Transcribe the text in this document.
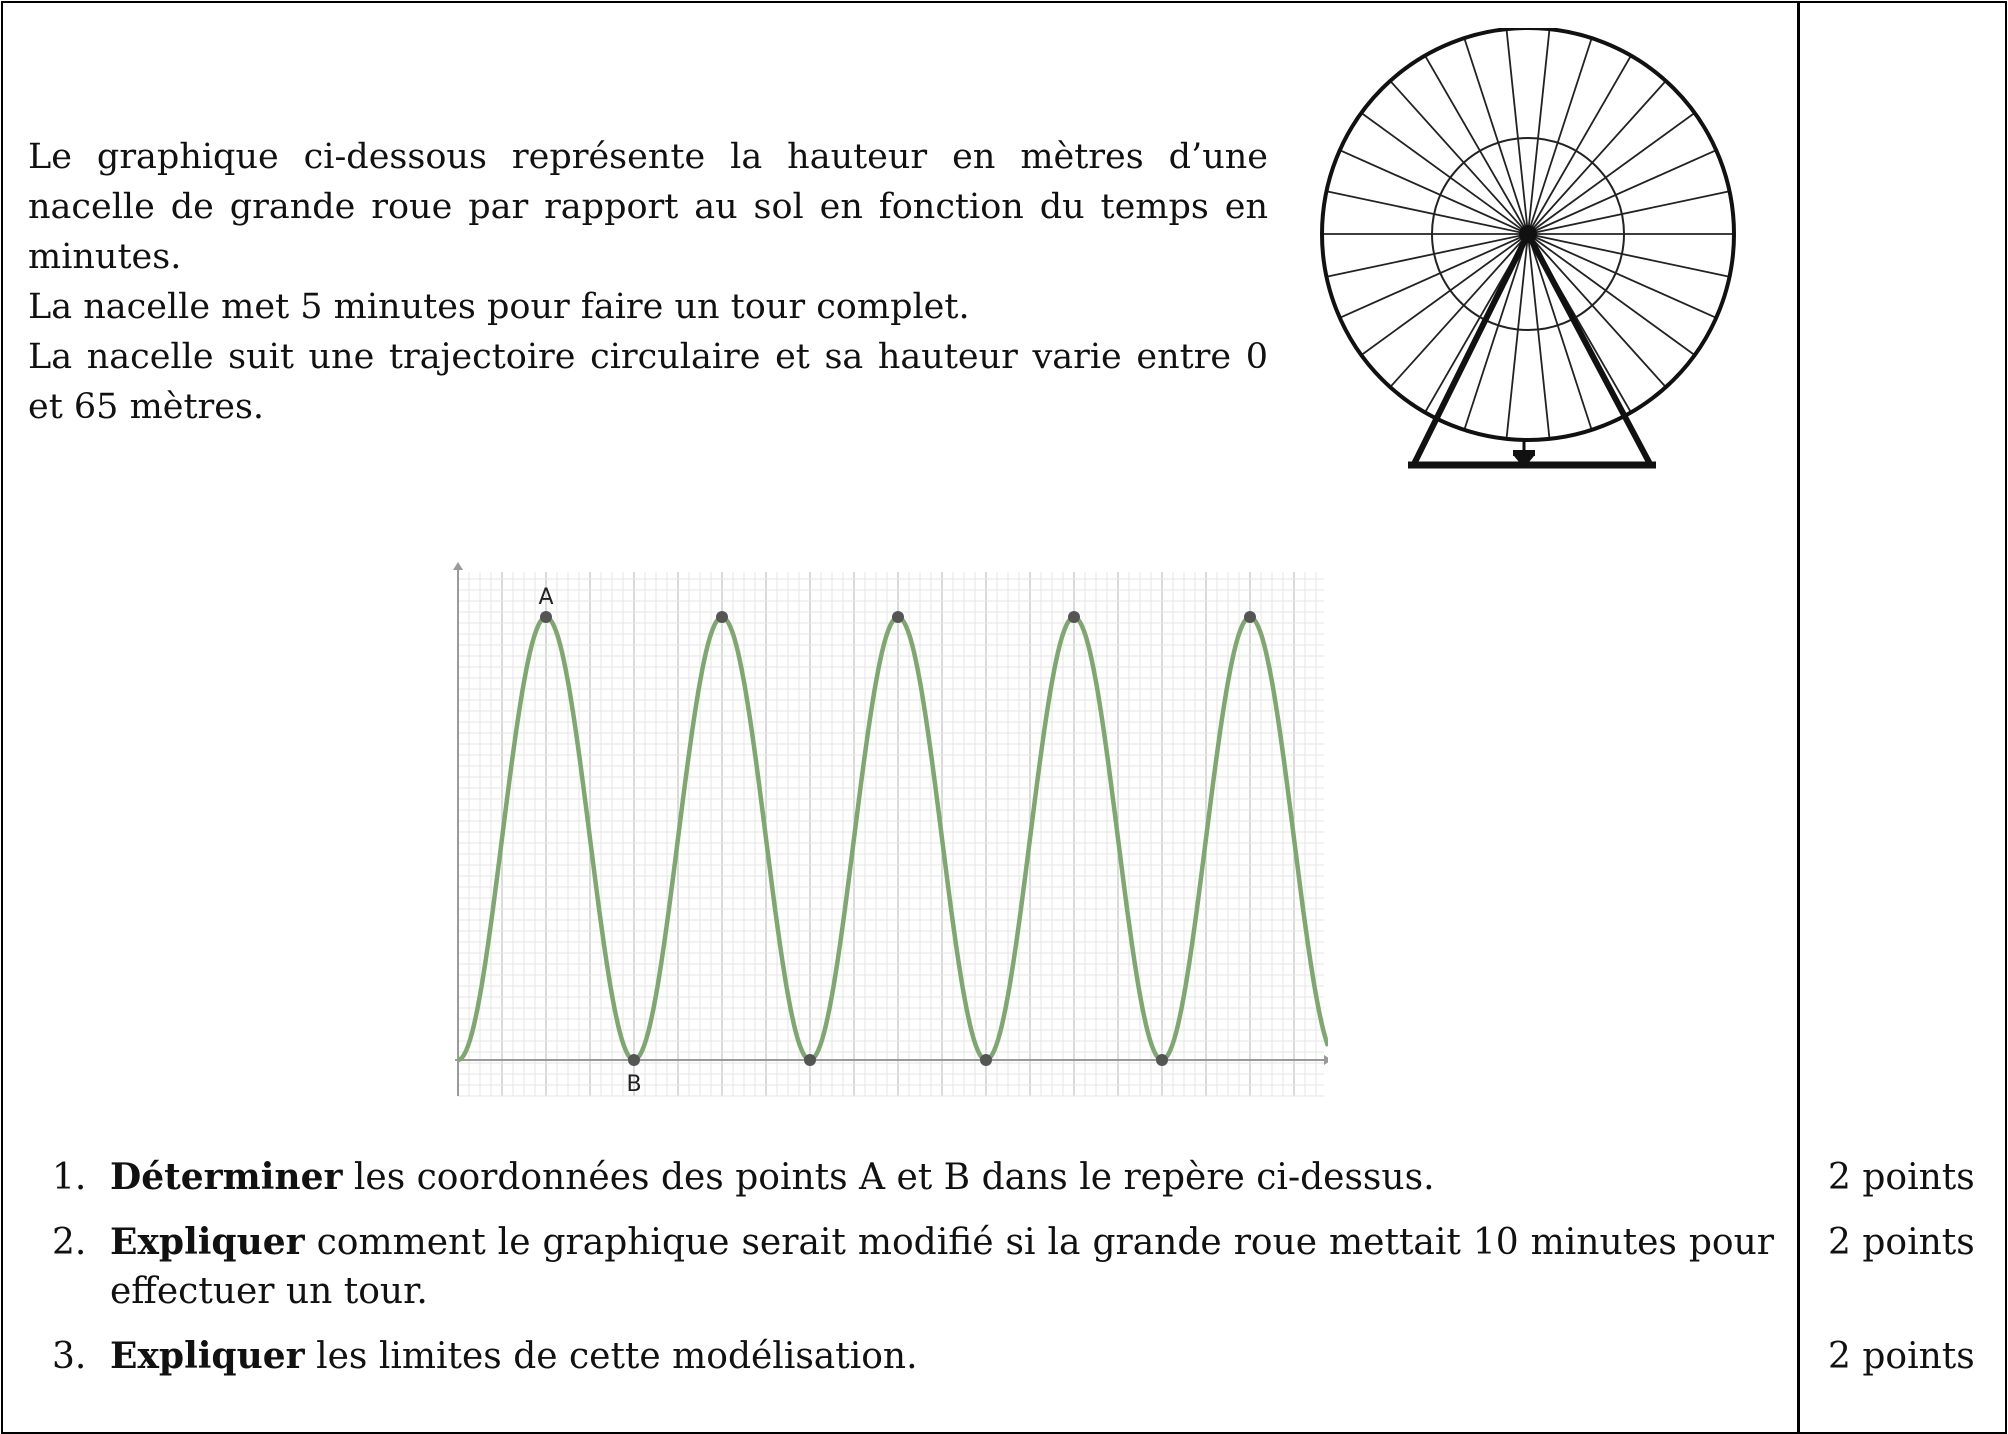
Le graphique ci-dessous représente la hauteur en mètres d’une nacelle de grande roue par rapport au sol en fonction du temps en minutes.

La nacelle met 5 minutes pour faire un tour complet.

La nacelle suit une trajectoire circulaire et sa hauteur varie entre 0 et 65 mètres.

A
B
1. Déterminer les coordonnées des points A et B dans le repère ci-dessus.
2. Expliquer comment le graphique serait modifié si la grande roue mettait 10 minutes pour effectuer un tour.
3. Expliquer les limites de cette modélisation.
2 points
2 points
2 points
